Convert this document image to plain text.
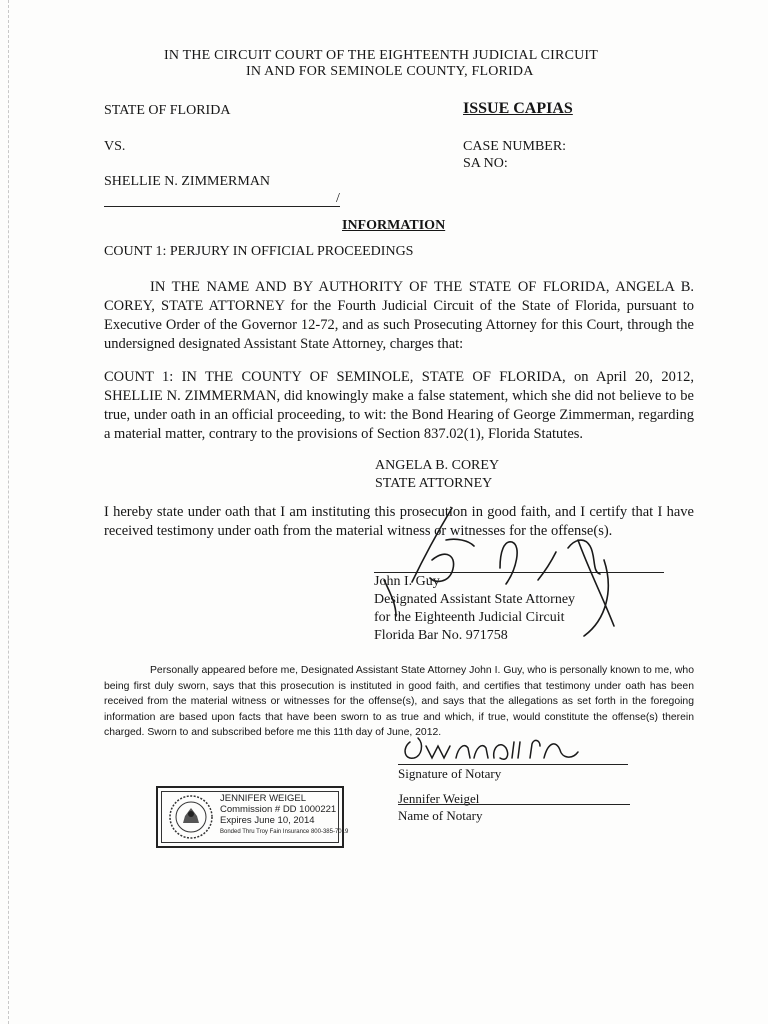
IN THE CIRCUIT COURT OF THE EIGHTEENTH JUDICIAL CIRCUIT
IN AND FOR SEMINOLE COUNTY, FLORIDA
STATE OF FLORIDA
VS.
SHELLIE N. ZIMMERMAN
/
ISSUE CAPIAS
CASE NUMBER:
SA NO:
INFORMATION
COUNT 1: PERJURY IN OFFICIAL PROCEEDINGS
IN THE NAME AND BY AUTHORITY OF THE STATE OF FLORIDA, ANGELA B. COREY, STATE ATTORNEY for the Fourth Judicial Circuit of the State of Florida, pursuant to Executive Order of the Governor 12-72, and as such Prosecuting Attorney for this Court, through the undersigned designated Assistant State Attorney, charges that:
COUNT 1: IN THE COUNTY OF SEMINOLE, STATE OF FLORIDA, on April 20, 2012, SHELLIE N. ZIMMERMAN, did knowingly make a false statement, which she did not believe to be true, under oath in an official proceeding, to wit: the Bond Hearing of George Zimmerman, regarding a material matter, contrary to the provisions of Section 837.02(1), Florida Statutes.
ANGELA B. COREY
STATE ATTORNEY
I hereby state under oath that I am instituting this prosecution in good faith, and I certify that I have received testimony under oath from the material witness or witnesses for the offense(s).
John I. Guy
Designated Assistant State Attorney
for the Eighteenth Judicial Circuit
Florida Bar No. 971758
Personally appeared before me, Designated Assistant State Attorney John I. Guy, who is personally known to me, who being first duly sworn, says that this prosecution is instituted in good faith, and certifies that testimony under oath has been received from the material witness or witnesses for the offense(s), and says that the allegations as set forth in the foregoing information are based upon facts that have been sworn to as true and which, if true, would constitute the offense(s) therein charged. Sworn to and subscribed before me this 11th day of June, 2012.
Signature of Notary
Jennifer Weigel
Name of Notary
JENNIFER WEIGEL
Commission # DD 1000221
Expires June 10, 2014
Bonded Thru Troy Fain Insurance 800-385-7019
